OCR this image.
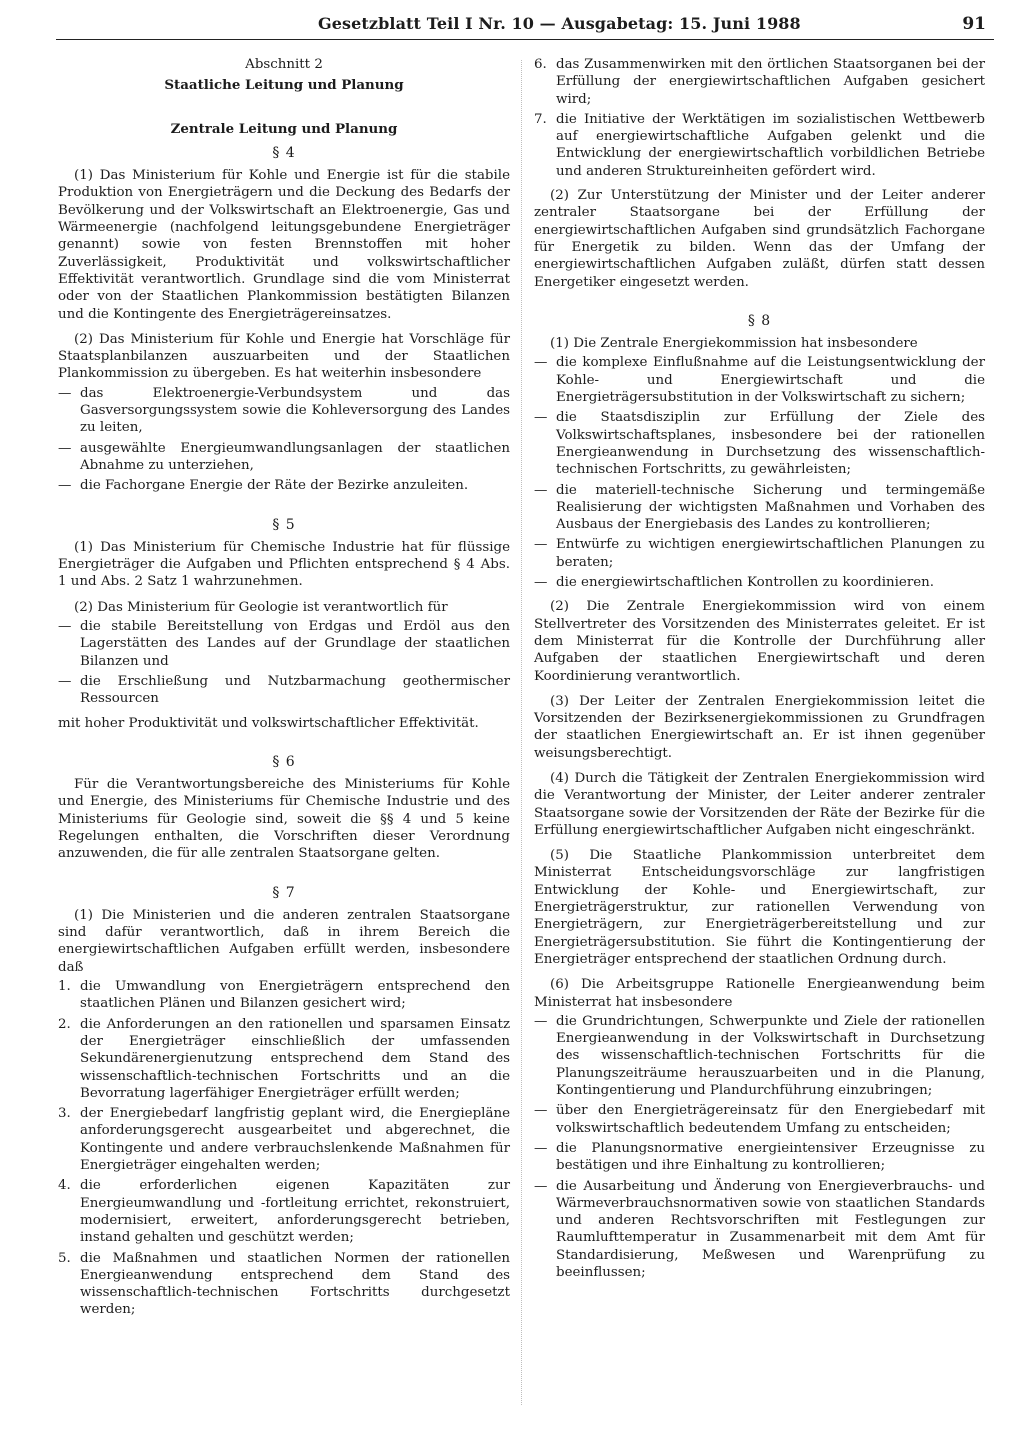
Gesetzblatt Teil I Nr. 10 — Ausgabetag: 15. Juni 1988	91
Abschnitt 2
Staatliche Leitung und Planung
Zentrale Leitung und Planung
§ 4

(1) Das Ministerium für Kohle und Energie ist für die stabile Produktion von Energieträgern und die Deckung des Bedarfs der Bevölkerung und der Volkswirtschaft an Elektroenergie, Gas und Wärmeenergie (nachfolgend leitungsgebundene Energieträger genannt) sowie von festen Brennstoffen mit hoher Zuverlässigkeit, Produktivität und volkswirtschaftlicher Effektivität verantwortlich. Grundlage sind die vom Ministerrat oder von der Staatlichen Plankommission bestätigten Bilanzen und die Kontingente des Energieträgereinsatzes.

(2) Das Ministerium für Kohle und Energie hat Vorschläge für Staatsplanbilanzen auszuarbeiten und der Staatlichen Plankommission zu übergeben. Es hat weiterhin insbesondere

— das Elektroenergie-Verbundsystem und das Gasversorgungssystem sowie die Kohleversorgung des Landes zu leiten,
— ausgewählte Energieumwandlungsanlagen der staatlichen Abnahme zu unterziehen,
— die Fachorgane Energie der Räte der Bezirke anzuleiten.
§ 5

(1) Das Ministerium für Chemische Industrie hat für flüssige Energieträger die Aufgaben und Pflichten entsprechend § 4 Abs. 1 und Abs. 2 Satz 1 wahrzunehmen.

(2) Das Ministerium für Geologie ist verantwortlich für

— die stabile Bereitstellung von Erdgas und Erdöl aus den Lagerstätten des Landes auf der Grundlage der staatlichen Bilanzen und
— die Erschließung und Nutzbarmachung geothermischer Ressourcen

mit hoher Produktivität und volkswirtschaftlicher Effektivität.

§ 6

Für die Verantwortungsbereiche des Ministeriums für Kohle und Energie, des Ministeriums für Chemische Industrie und des Ministeriums für Geologie sind, soweit die §§ 4 und 5 keine Regelungen enthalten, die Vorschriften dieser Verordnung anzuwenden, die für alle zentralen Staatsorgane gelten.

§ 7

(1) Die Ministerien und die anderen zentralen Staatsorgane sind dafür verantwortlich, daß in ihrem Bereich die energiewirtschaftlichen Aufgaben erfüllt werden, insbesondere daß

1. die Umwandlung von Energieträgern entsprechend den staatlichen Plänen und Bilanzen gesichert wird;
2. die Anforderungen an den rationellen und sparsamen Einsatz der Energieträger einschließlich der umfassenden Sekundärenergienutzung entsprechend dem Stand des wissenschaftlich-technischen Fortschritts und an die Bevorratung lagerfähiger Energieträger erfüllt werden;
3. der Energiebedarf langfristig geplant wird, die Energiepläne anforderungsgerecht ausgearbeitet und abgerechnet, die Kontingente und andere verbrauchslenkende Maßnahmen für Energieträger eingehalten werden;
4. die erforderlichen eigenen Kapazitäten zur Energieumwandlung und -fortleitung errichtet, rekonstruiert, modernisiert, erweitert, anforderungsgerecht betrieben, instand gehalten und geschützt werden;
5. die Maßnahmen und staatlichen Normen der rationellen Energieanwendung entsprechend dem Stand des wissenschaftlich-technischen Fortschritts durchgesetzt werden;
6. das Zusammenwirken mit den örtlichen Staatsorganen bei der Erfüllung der energiewirtschaftlichen Aufgaben gesichert wird;
7. die Initiative der Werktätigen im sozialistischen Wettbewerb auf energiewirtschaftliche Aufgaben gelenkt und die Entwicklung der energiewirtschaftlich vorbildlichen Betriebe und anderen Struktureinheiten gefördert wird.

(2) Zur Unterstützung der Minister und der Leiter anderer zentraler Staatsorgane bei der Erfüllung der energiewirtschaftlichen Aufgaben sind grundsätzlich Fachorgane für Energetik zu bilden. Wenn das der Umfang der energiewirtschaftlichen Aufgaben zuläßt, dürfen statt dessen Energetiker eingesetzt werden.

§ 8

(1) Die Zentrale Energiekommission hat insbesondere

— die komplexe Einflußnahme auf die Leistungsentwicklung der Kohle- und Energiewirtschaft und die Energieträgersubstitution in der Volkswirtschaft zu sichern;
— die Staatsdisziplin zur Erfüllung der Ziele des Volkswirtschaftsplanes, insbesondere bei der rationellen Energieanwendung in Durchsetzung des wissenschaftlich-technischen Fortschritts, zu gewährleisten;
— die materiell-technische Sicherung und termingemäße Realisierung der wichtigsten Maßnahmen und Vorhaben des Ausbaus der Energiebasis des Landes zu kontrollieren;
— Entwürfe zu wichtigen energiewirtschaftlichen Planungen zu beraten;
— die energiewirtschaftlichen Kontrollen zu koordinieren.

(2) Die Zentrale Energiekommission wird von einem Stellvertreter des Vorsitzenden des Ministerrates geleitet. Er ist dem Ministerrat für die Kontrolle der Durchführung aller Aufgaben der staatlichen Energiewirtschaft und deren Koordinierung verantwortlich.

(3) Der Leiter der Zentralen Energiekommission leitet die Vorsitzenden der Bezirksenergiekommissionen zu Grundfragen der staatlichen Energiewirtschaft an. Er ist ihnen gegenüber weisungsberechtigt.

(4) Durch die Tätigkeit der Zentralen Energiekommission wird die Verantwortung der Minister, der Leiter anderer zentraler Staatsorgane sowie der Vorsitzenden der Räte der Bezirke für die Erfüllung energiewirtschaftlicher Aufgaben nicht eingeschränkt.

(5) Die Staatliche Plankommission unterbreitet dem Ministerrat Entscheidungsvorschläge zur langfristigen Entwicklung der Kohle- und Energiewirtschaft, zur Energieträgerstruktur, zur rationellen Verwendung von Energieträgern, zur Energieträgerbereitstellung und zur Energieträgersubstitution. Sie führt die Kontingentierung der Energieträger entsprechend der staatlichen Ordnung durch.

(6) Die Arbeitsgruppe Rationelle Energieanwendung beim Ministerrat hat insbesondere

— die Grundrichtungen, Schwerpunkte und Ziele der rationellen Energieanwendung in der Volkswirtschaft in Durchsetzung des wissenschaftlich-technischen Fortschritts für die Planungszeiträume herauszuarbeiten und in die Planung, Kontingentierung und Plandurchführung einzubringen;
— über den Energieträgereinsatz für den Energiebedarf mit volkswirtschaftlich bedeutendem Umfang zu entscheiden;
— die Planungsnormative energieintensiver Erzeugnisse zu bestätigen und ihre Einhaltung zu kontrollieren;
— die Ausarbeitung und Änderung von Energieverbrauchs- und Wärmeverbrauchsnormativen sowie von staatlichen Standards und anderen Rechtsvorschriften mit Festlegungen zur Raumlufttemperatur in Zusammenarbeit mit dem Amt für Standardisierung, Meßwesen und Warenprüfung zu beeinflussen;
